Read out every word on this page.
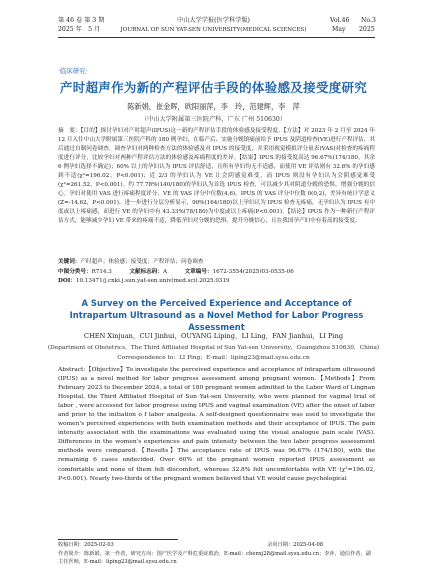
第 46 卷 第 3 期
2025 年　5 月
中山大学学报(医学科学版)
JOURNAL OF SUN YAT-SEN UNIVERSITY(MEDICAL SCIENCES)
Vol.46 No.3
May 2025
·临床研究·
产时超声作为新的产程评估手段的体验感及接受度研究
陈新娟，崔金晖，欧阳丽萍，李　玲，范建辉，李　萍
（中山大学附属第三医院产科，广东 广州 510630）
摘　要：【目的】探讨孕妇对产时超声(IPUS)这一新的产程评估手段的体验感及接受程度。【方法】对 2023 年 2 月至 2024 年 12 月入住中山大学附属第三医院产科的 180 例孕妇，在临产后、实施分娩镇痛前给予 IPUS 及阴道检查(VE)进行产程评估，其后通过自制问卷调查，调查孕妇对两种检查方法的体验感及对 IPUS 的接受度，并采用视觉模拟评分量表(VAS)对检查的疼痛程度进行评分，比较孕妇对两种产程评估方法的体验感及疼痛程度的差异。【结果】IPUS 的接受度高达 96.67%(174/180，其余 6 例孕妇选择不确定)；60% 以上的孕妇认为 IPUS 评估舒适，且所有孕妇均无不适感，而使用 VE 评估则有 32.8% 的孕妇感到不适(χ²=196.02，P<0.001)；近 2/3 的孕妇认为 VE 让会阴感觉难受，而 IPUS 则没有孕妇认为会阴感觉难受(χ²=261.52，P<0.001)。约 77.78%(140/180)的孕妇认为首选 IPUS 检查，可以减少其对阴道分娩的恐惧，增强分娩的信心。孕妇对使用 VAS 进行疼痛程度评分，VE 的 VAS 评分中位数(4,6)，IPUS 的 VAS 评分中位数 0(0,2)，差异有统计学意义(Z=-14.62，P<0.001)。进一步进行分层分析显示，90%(164/180)以上孕妇认为 IPUS 检查无疼痛，无孕妇认为 IPUS 有中度或以上疼痛感，而进行 VE 的孕妇中有 43.33%(78/180)为中度或以上疼痛(P<0.001)。【结论】IPUS 作为一种新行产程评估方式，能够减少孕妇 VE 带来的疼痛不适，降低孕妇对分娩的恐惧，提升分娩信心，且在我国孕产妇中有着高的接受度。
关键词：产时超声；体验感；接受度；产程评估；问卷调查
中图分类号：R714.3	文献标志码：A	文章编号：1672-3554(2025)03-0535-06
DOI：10.13471/j.cnki.j.sun.yat-sen.univ(med.sci).2025.0319
A Survey on the Perceived Experience and Acceptance of Intrapartum Ultrasound as a Novel Method for Labor Progress Assessment
CHEN Xinjuan，CUI Jinhui，OUYANG Liping，LI Ling，FAN Jianhui，LI Ping
(Department of Obstetrics，The Third Affiliated Hospital of Sun Yat-sen University，Guangzhou 510630，China)
Correspondence to：LI Ping；E-mail：liping23@mail.sysu.edu.cn
Abstract:【Objective】To investigate the perceived experience and acceptance of intrapartum ultrasound (IPUS) as a novel method for labor progress assessment among pregnant women.【Methods】From February 2023 to December 2024, a total of 180 pregnant women admitted to the Labor Ward of Lingnan Hospital, the Third Affiliated Hospital of Sun Yat-sen University, who were planned for vaginal trial of labor , were accessed for labor progress using IPUS and vaginal examination (VE) after the onset of labor and prior to the initiation o f labor analgesia. A self-designed questionnaire was used to investigate the women's perceived experiences with both examination methods and their acceptance of IPUS. The pain intensity associated with the examinations was evaluated using the visual analogue pain scale (VAS). Differences in the women's experiences and pain intensity between the two labor progress assessment methods were compared.【Results】The acceptance rate of IPUS was 96.67% (174/180), with the remaining 6 cases undecided. Over 60% of the pregnant women reported IPUS assessment as comfortable and none of them felt discomfort, whereas 32.8% felt uncomfortable with VE (χ²=196.02, P<0.001). Nearly two-thirds of the pregnant women believed that VE would cause psychological
收稿日期：2025-02-03	录用日期：2025-04-08
作者简介：陈新娟，第一作者，研究方向：围产医学及产科危重症救治，E-mail：chenxj28@mail.sysu.edu.cn；李萍，通信作者，副主任医师，E-mail：liping23@mail.sysu.edu.cn
